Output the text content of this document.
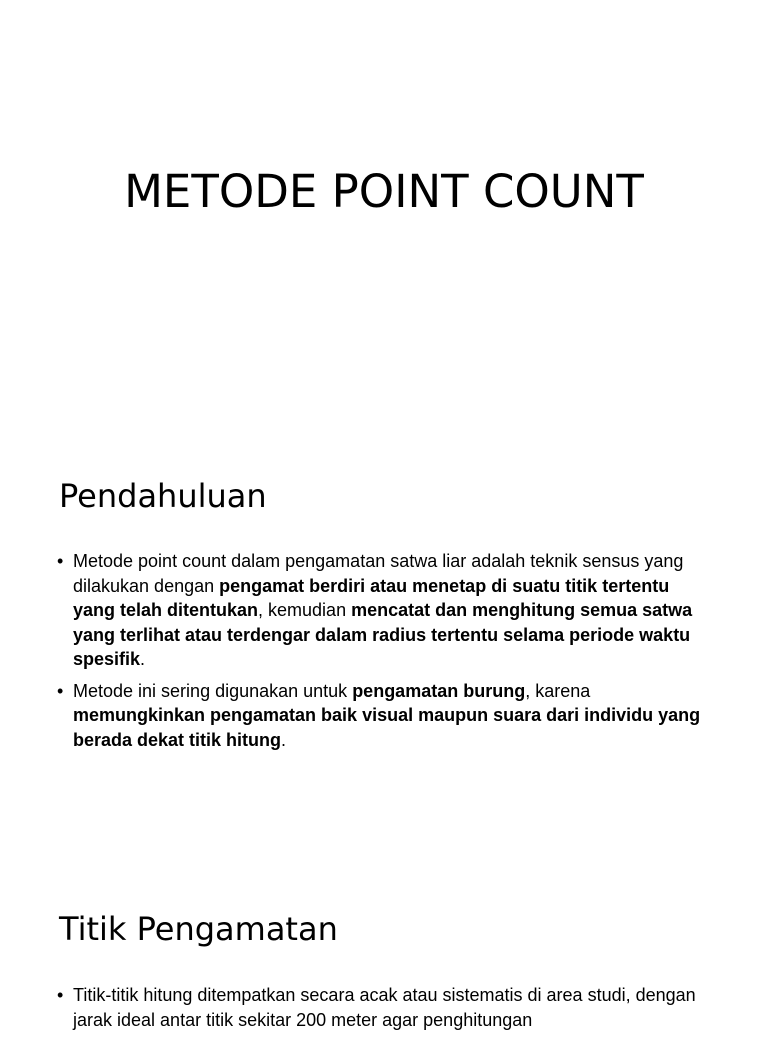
METODE POINT COUNT
Pendahuluan
• Metode point count dalam pengamatan satwa liar adalah teknik sensus yang dilakukan dengan pengamat berdiri atau menetap di suatu titik tertentu yang telah ditentukan, kemudian mencatat dan menghitung semua satwa yang terlihat atau terdengar dalam radius tertentu selama periode waktu spesifik.
• Metode ini sering digunakan untuk pengamatan burung, karena memungkinkan pengamatan baik visual maupun suara dari individu yang berada dekat titik hitung.
Titik Pengamatan
• Titik-titik hitung ditempatkan secara acak atau sistematis di area studi, dengan jarak ideal antar titik sekitar 200 meter agar penghitungan
